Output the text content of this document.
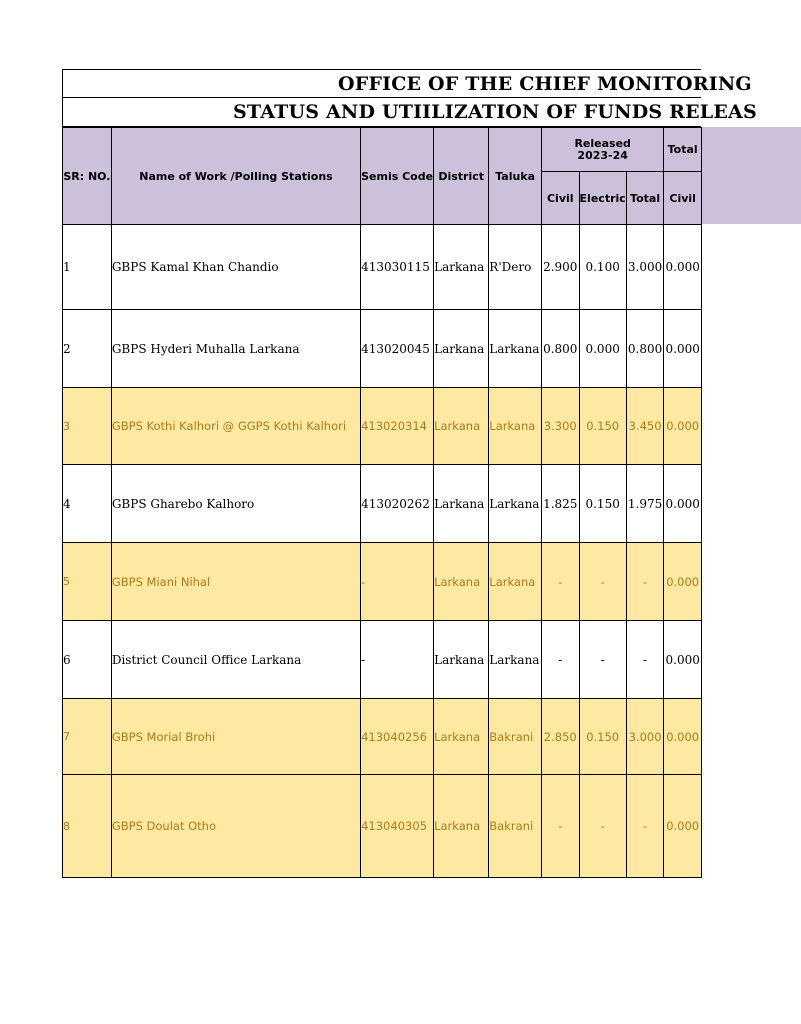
OFFICE OF THE CHIEF MONITORING
STATUS AND UTIILIZATION OF FUNDS RELEAS
SR: NO.	Name of Work /Polling Stations	Semis Code	District	Taluka	Released
2023-24			Total
					Civil	Electric	Total	Civil
1	GBPS Kamal Khan Chandio	413030115	Larkana	R'Dero	2.900	0.100	3.000	0.000
2	GBPS Hyderi Muhalla Larkana	413020045	Larkana	Larkana	0.800	0.000	0.800	0.000
3	GBPS Kothi Kalhori @ GGPS Kothi Kalhori	413020314	Larkana	Larkana	3.300	0.150	3.450	0.000
4	GBPS Gharebo Kalhoro	413020262	Larkana	Larkana	1.825	0.150	1.975	0.000
5	GBPS Miani Nihal	-	Larkana	Larkana	-	-	-	0.000
6	District Council Office Larkana	-	Larkana	Larkana	-	-	-	0.000
7	GBPS Morial Brohi	413040256	Larkana	Bakrani	2.850	0.150	3.000	0.000
8	GBPS Doulat Otho	413040305	Larkana	Bakrani	-	-	-	0.000
